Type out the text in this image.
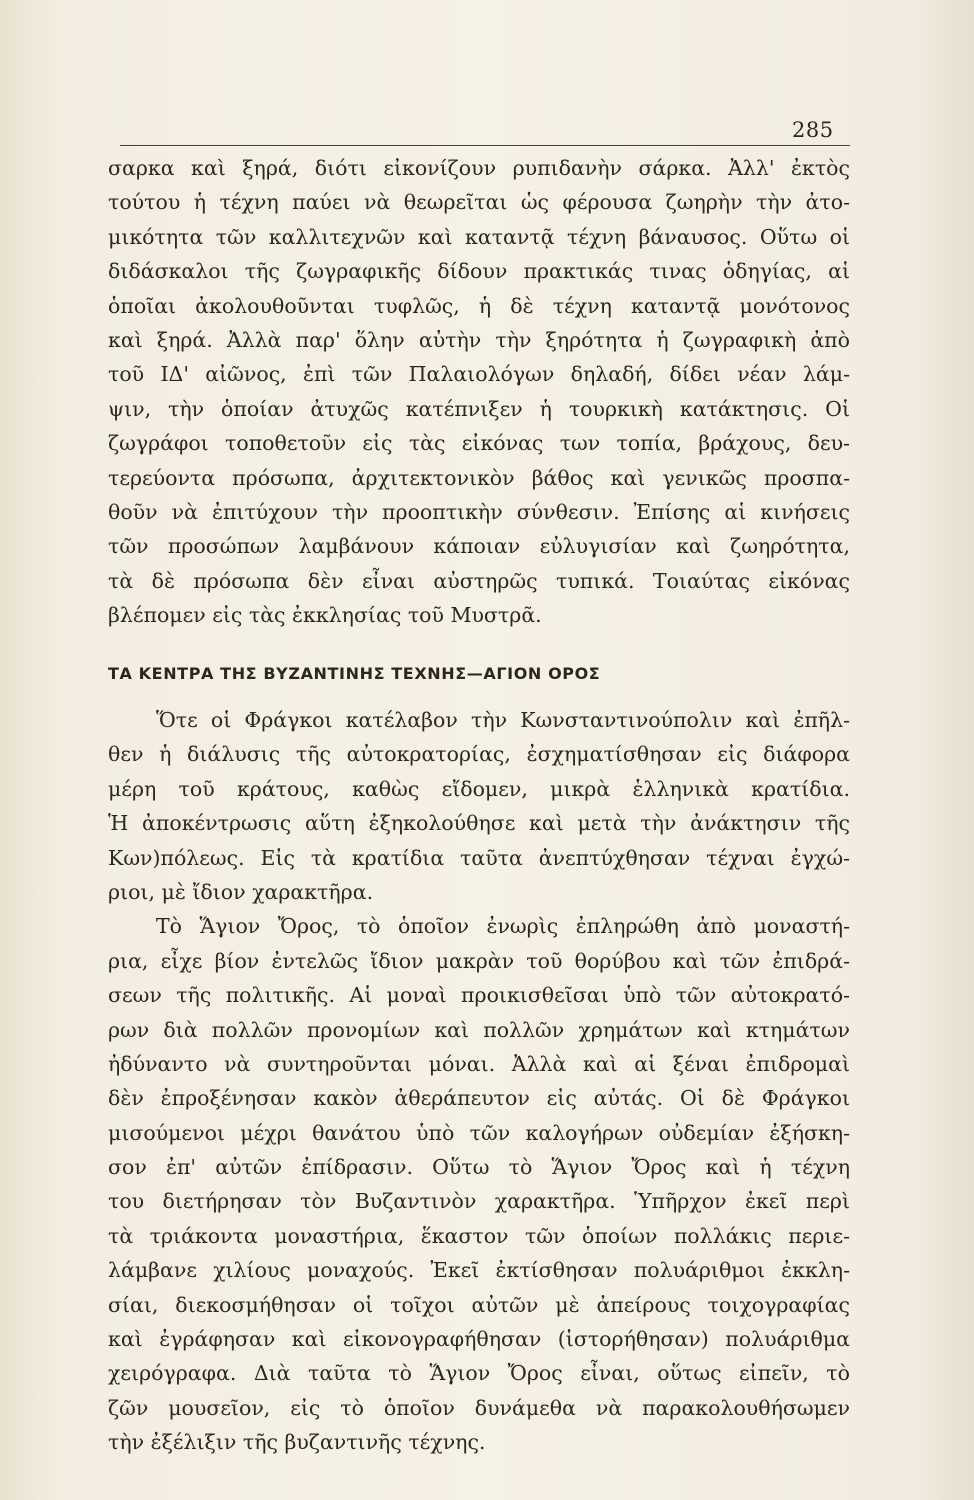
285
σαρκα καὶ ξηρά, διότι εἰκονίζουν ρυπιδανὴν σάρκα. Ἀλλ' ἐκτὸς
τούτου ἡ τέχνη παύει νὰ θεωρεῖται ὡς φέρουσα ζωηρὴν τὴν ἀτο-
μικότητα τῶν καλλιτεχνῶν καὶ καταντᾷ τέχνη βάναυσος. Οὕτω οἱ
διδάσκαλοι τῆς ζωγραφικῆς δίδουν πρακτικάς τινας ὁδηγίας, αἱ
ὁποῖαι ἀκολουθοῦνται τυφλῶς, ἡ δὲ τέχνη καταντᾷ μονότονος
καὶ ξηρά. Ἀλλὰ παρ' ὅλην αὐτὴν τὴν ξηρότητα ἡ ζωγραφικὴ ἀπὸ
τοῦ ΙΔ' αἰῶνος, ἐπὶ τῶν Παλαιολόγων δηλαδή, δίδει νέαν λάμ-
ψιν, τὴν ὁποίαν ἀτυχῶς κατέπνιξεν ἡ τουρκικὴ κατάκτησις. Οἱ
ζωγράφοι τοποθετοῦν εἰς τὰς εἰκόνας των τοπία, βράχους, δευ-
τερεύοντα πρόσωπα, ἀρχιτεκτονικὸν βάθος καὶ γενικῶς προσπα-
θοῦν νὰ ἐπιτύχουν τὴν προοπτικὴν σύνθεσιν. Ἐπίσης αἱ κινήσεις
τῶν προσώπων λαμβάνουν κάποιαν εὐλυγισίαν καὶ ζωηρότητα,
τὰ δὲ πρόσωπα δὲν εἶναι αὐστηρῶς τυπικά. Τοιαύτας εἰκόνας
βλέπομεν εἰς τὰς ἐκκλησίας τοῦ Μυστρᾶ.
ΤΑ ΚΕΝΤΡΑ ΤΗΣ ΒΥΖΑΝΤΙΝΗΣ ΤΕΧΝΗΣ—ΑΓΙΟΝ ΟΡΟΣ
Ὅτε οἱ Φράγκοι κατέλαβον τὴν Κωνσταντινούπολιν καὶ ἐπῆλ-
θεν ἡ διάλυσις τῆς αὐτοκρατορίας, ἐσχηματίσθησαν εἰς διάφορα
μέρη τοῦ κράτους, καθὼς εἴδομεν, μικρὰ ἑλληνικὰ κρατίδια.
Ἡ ἀποκέντρωσις αὕτη ἐξηκολούθησε καὶ μετὰ τὴν ἀνάκτησιν τῆς
Κων)πόλεως. Εἰς τὰ κρατίδια ταῦτα ἀνεπτύχθησαν τέχναι ἐγχώ-
ριοι, μὲ ἴδιον χαρακτῆρα.
Τὸ Ἅγιον Ὄρος, τὸ ὁποῖον ἐνωρὶς ἐπληρώθη ἀπὸ μοναστή-
ρια, εἶχε βίον ἐντελῶς ἴδιον μακρὰν τοῦ θορύβου καὶ τῶν ἐπιδρά-
σεων τῆς πολιτικῆς. Αἱ μοναὶ προικισθεῖσαι ὑπὸ τῶν αὐτοκρατό-
ρων διὰ πολλῶν προνομίων καὶ πολλῶν χρημάτων καὶ κτημάτων
ἠδύναντο νὰ συντηροῦνται μόναι. Ἀλλὰ καὶ αἱ ξέναι ἐπιδρομαὶ
δὲν ἐπροξένησαν κακὸν ἀθεράπευτον εἰς αὐτάς. Οἱ δὲ Φράγκοι
μισούμενοι μέχρι θανάτου ὑπὸ τῶν καλογήρων οὐδεμίαν ἐξήσκη-
σον ἐπ' αὐτῶν ἐπίδρασιν. Οὕτω τὸ Ἅγιον Ὄρος καὶ ἡ τέχνη
του διετήρησαν τὸν Βυζαντινὸν χαρακτῆρα. Ὑπῆρχον ἐκεῖ περὶ
τὰ τριάκοντα μοναστήρια, ἕκαστον τῶν ὁποίων πολλάκις περιε-
λάμβανε χιλίους μοναχούς. Ἐκεῖ ἐκτίσθησαν πολυάριθμοι ἐκκλη-
σίαι, διεκοσμήθησαν οἱ τοῖχοι αὐτῶν μὲ ἀπείρους τοιχογραφίας
καὶ ἐγράφησαν καὶ εἰκονογραφήθησαν (ἱστορήθησαν) πολυάριθμα
χειρόγραφα. Διὰ ταῦτα τὸ Ἅγιον Ὄρος εἶναι, οὕτως εἰπεῖν, τὸ
ζῶν μουσεῖον, εἰς τὸ ὁποῖον δυνάμεθα νὰ παρακολουθήσωμεν
τὴν ἐξέλιξιν τῆς βυζαντινῆς τέχνης.
